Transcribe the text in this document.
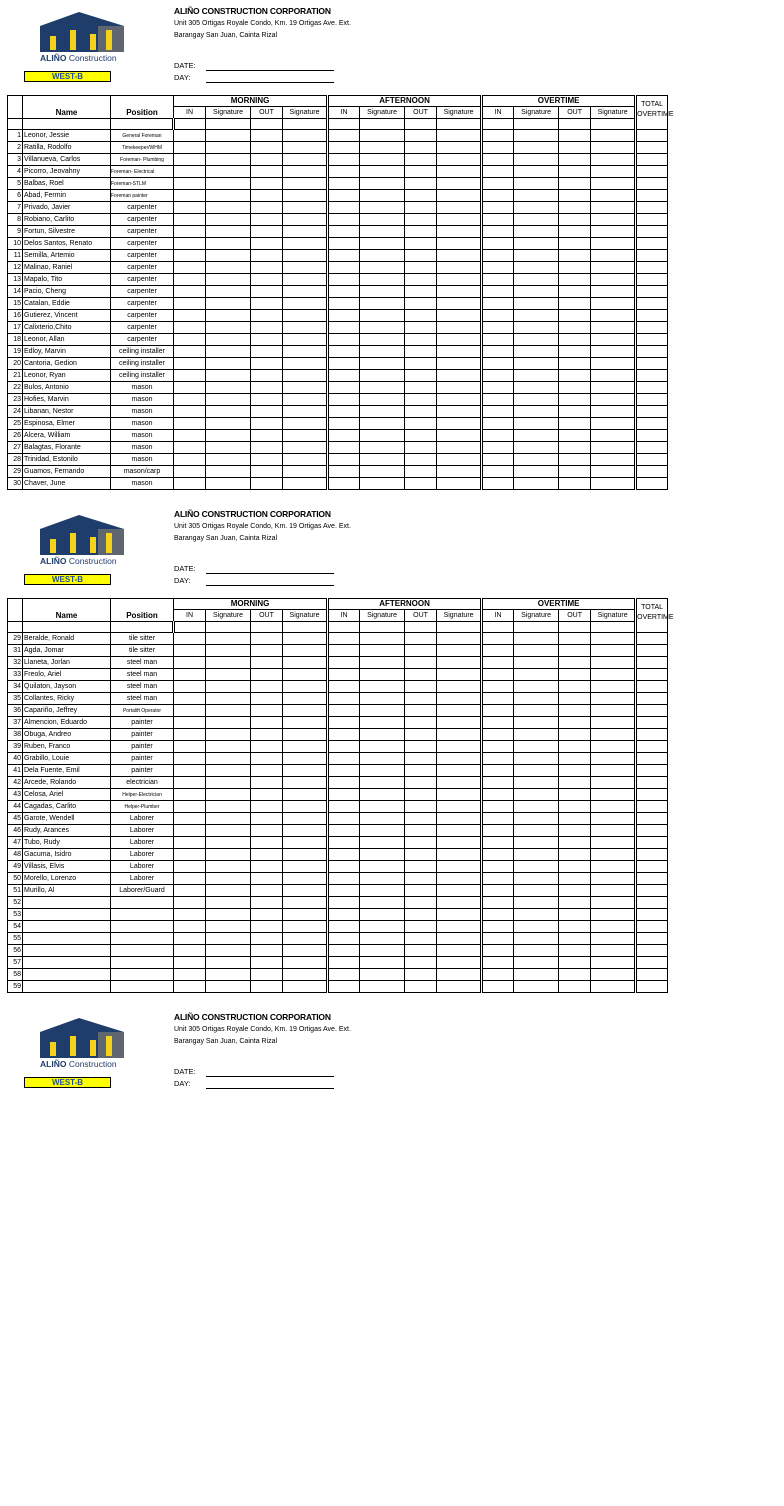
ALIÑO Construction
WEST-B
ALIÑO CONSTRUCTION CORPORATION
Unit 305 Ortigas Royale Condo, Km. 19 Ortigas Ave. Ext.
Barangay San Juan, Cainta Rizal
DATE:
DAY:
	Name	Position	MORNING				AFTERNOON				OVERTIME				TOTAL OVERTIME
			IN	Signature	OUT	Signature	IN	Signature	OUT	Signature	IN	Signature	OUT	Signature	

1	Leonor, Jessie	General Foreman													
2	Ratilla, Rodolfo	Timekeeper/WHM													
3	Villanueva, Carlos	Foreman- Plumbing													
4	Picorro, Jeovahny	Foreman- Electrical													
5	Balbas, Roel	Foreman-STLM													
6	Abad, Fermin	Foreman painter													
7	Privado, Javier	carpenter													
8	Robiano, Carlito	carpenter													
9	Fortun, Silvestre	carpenter													
10	Delos Santos, Renato	carpenter													
11	Semilla, Artemio	carpenter													
12	Malinao, Raniel	carpenter													
13	Mapalo, Tito	carpenter													
14	Pacio, Cheng	carpenter													
15	Catalan, Eddie	carpenter													
16	Gutierez, Vincent	carpenter													
17	Calixterio,Chito	carpenter													
18	Leonor, Allan	carpenter													
19	Edloy, Marvin	ceiling installer													
20	Cantoria, Gedion	ceiling installer													
21	Leonor, Ryan	ceiling installer													
22	Bulos, Antonio	mason													
23	Hofies, Marvin	mason													
24	Libanan, Nestor	mason													
25	Espinosa, Elmer	mason													
26	Alcera, William	mason													
27	Balagtas, Florante	mason													
28	Trinidad, Estonilo	mason													
29	Guamos, Fernando	mason/carp													
30	Chaver, June	mason													
ALIÑO Construction
WEST-B
ALIÑO CONSTRUCTION CORPORATION
Unit 305 Ortigas Royale Condo, Km. 19 Ortigas Ave. Ext.
Barangay San Juan, Cainta Rizal
DATE:
DAY:
	Name	Position	MORNING				AFTERNOON				OVERTIME				TOTAL OVERTIME
			IN	Signature	OUT	Signature	IN	Signature	OUT	Signature	IN	Signature	OUT	Signature	

29	Beralde, Ronald	tile sitter													
31	Agda, Jomar	tile sitter													
32	Llaneta, Jorlan	steel man													
33	Freolo, Ariel	steel man													
34	Quilaton, Jayson	steel man													
35	Collantes, Ricky	steel man													
36	Capariño, Jeffrey	Portalift Operator													
37	Almencion, Eduardo	painter													
38	Obuga, Andreo	painter													
39	Ruben, Franco	painter													
40	Grabillo, Louie	painter													
41	Dela Fuente, Emil	painter													
42	Arcede, Rolando	electrician													
43	Celosa, Ariel	Helper-Electrician													
44	Cagadas, Carlito	Helper-Plumber													
45	Garote, Wendell	Laborer													
46	Rudy, Arances	Laborer													
47	Tubo, Rudy	Laborer													
48	Gacuma, Isidro	Laborer													
49	Villasis, Elvis	Laborer													
50	Morello, Lorenzo	Laborer													
51	Murillo, Al	Laborer/Guard													
52															
53															
54															
55															
56															
57															
58															
59															
ALIÑO Construction
WEST-B
ALIÑO CONSTRUCTION CORPORATION
Unit 305 Ortigas Royale Condo, Km. 19 Ortigas Ave. Ext.
Barangay San Juan, Cainta Rizal
DATE:
DAY:
